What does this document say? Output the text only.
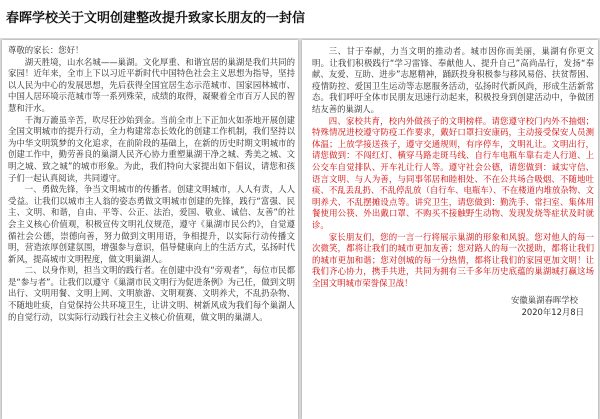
春晖学校关于文明创建整改提升致家长朋友的一封信

尊敬的家长：您好！

湖天胜境，山水名城——巢湖。文化厚重、和谐宜居的巢湖是我们共同的家园！近年来，全市上下以习近平新时代中国特色社会主义思想为指导，坚持以人民为中心的发展思想，先后获得全国宜居生态示范城市、国家园林城市、中国人居环境示范城市等一系列殊荣，成绩的取得，凝聚着全市百万人民的智慧和汗水。

千淘万漉虽辛苦，吹尽狂沙始到金。当前全市上下正加火如荼地开展创建全国文明城市的提升行动，全力构建常态长效化的创建工作机制，我们坚持以为中华文明筑梦的文化追求，在前阶段的基础上，在新的历史时期文明城市的创建工作中，勤劳善良的巢湖人民齐心协力重塑巢湖干净之城、秀美之城、文明之城、致之城”的城市形象。为此，我们特向大家提出如下倡议，请您和孩子们一起认真阅读，共同遵守。

一、勇做先锋，争当文明城市的传播者。创建文明城市，人人有责，人人受益。让我们以城市主人翁的姿态勇做文明城市创建的先锋，践行“富强、民主、文明、和谐，自由、平等、公正、法治，爱国、敬业、诚信、友善”的社会主义核心价值观，积极宣传文明礼仪规范，遵守《巢湖市民公约》，自觉遵循社会公德，崇德向善，努力做到文明用语，争相提升，以实际行动传播文明，营造浓厚创建氛围，增强参与意识，倡导健康向上的生活方式，弘扬时代新风，提高城市文明程度，做文明巢湖人。

二、以身作则，担当文明的践行者。在创建中没有“旁观者”，每位市民都是“参与者”。让我们以遵守《巢湖市民文明行为促进条例》为己任，做到文明出行、文明用餐、文明上网、文明旅游、文明观赛、文明养犬，不乱扔杂物、不随地吐痰，自觉保持公共环境卫生，让讲文明、树新风成为我们每个巢湖人的自觉行动，以实际行动践行社会主义核心价值观，做文明的巢湖人。

三、甘于奉献，力当文明的推动者。城市因你而美丽，巢湖有你更文明。让我们积极践行“学习雷锋、奉献他人、提升自己”高尚品行，发扬“奉献、友爱、互助、进步”志愿精神，踊跃投身积极参与移风易俗、扶贫帮困、疫情防控、爱国卫生运动等志愿服务活动，弘扬时代新风尚，形成生活新常态。我们呼吁全体市民朋友迅速行动起来，积极投身到创建活动中，争做团结友善的巢湖人。

四、家校共育，校内外做孩子的文明榜样。请您遵守校门内外不抽烟；特殊情况进校遵守防疫工作要求，戴好口罩扫安康码，主动接受保安人员测体温；上放学接送孩子，遵守交通规则，有序停车，文明礼让。文明出行，请您做到：不闯红灯、横穿马路走斑马线、自行车电瓶车靠右走人行道、上公交车自觉排队、开车礼让行人等。遵守社会公德，请您做到：诚实守信、语言文明、与人为善，与同事邻居和睦相处、不在公共场合吸烟、不随地吐痰、不乱丢乱扔、不乱停乱放（自行车、电瓶车）、不在楼道内堆放杂物、文明养犬、不乱摆摊设点等。讲究卫生，请您做到：勤洗手、常扫室、集体用餐使用公筷、外出戴口罩、不购买不接触野生动物、发现发烧等症状及时就诊。

家长朋友们，您的一言一行将展示巢湖的形象和风貌。您对他人的每一次微笑，都将让我们的城市更加友善；您对路人的每一次援助，都将让我们的城市更加和谐；您对创城的每一分热情，都将让我们的家园更加文明！让我们齐心协力，携手共进，共同为拥有三千多年历史底蕴的巢湖城打赢这场全国文明城市荣誉保卫战！

安徽巢湖春晖学校

2020年12月8日
